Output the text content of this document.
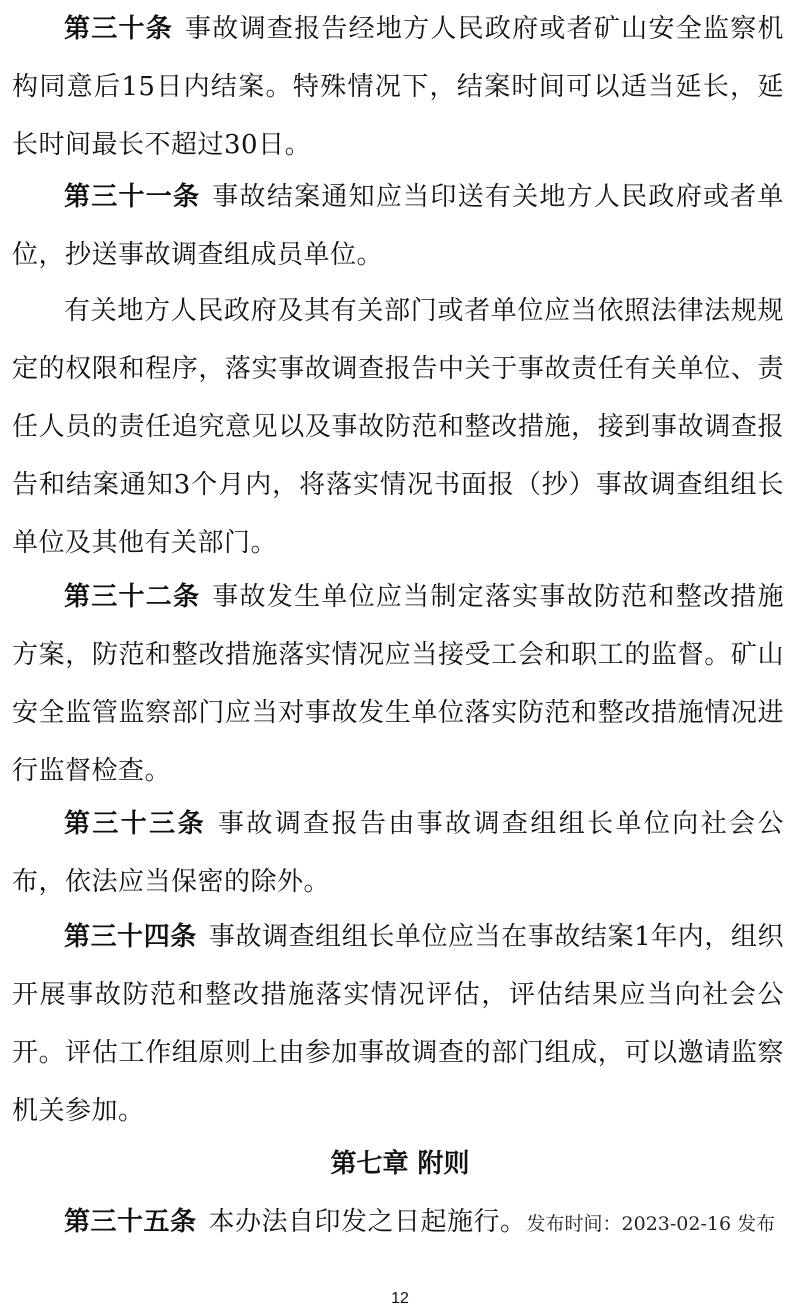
第三十条 事故调查报告经地方人民政府或者矿山安全监察机构同意后15日内结案。特殊情况下，结案时间可以适当延长，延长时间最长不超过30日。

第三十一条 事故结案通知应当印送有关地方人民政府或者单位，抄送事故调查组成员单位。

有关地方人民政府及其有关部门或者单位应当依照法律法规规定的权限和程序，落实事故调查报告中关于事故责任有关单位、责任人员的责任追究意见以及事故防范和整改措施，接到事故调查报告和结案通知3个月内，将落实情况书面报（抄）事故调查组组长单位及其他有关部门。

第三十二条 事故发生单位应当制定落实事故防范和整改措施方案，防范和整改措施落实情况应当接受工会和职工的监督。矿山安全监管监察部门应当对事故发生单位落实防范和整改措施情况进行监督检查。

第三十三条 事故调查报告由事故调查组组长单位向社会公布，依法应当保密的除外。

第三十四条 事故调查组组长单位应当在事故结案1年内，组织开展事故防范和整改措施落实情况评估，评估结果应当向社会公开。评估工作组原则上由参加事故调查的部门组成，可以邀请监察机关参加。

第七章 附则

第三十五条 本办法自印发之日起施行。发布时间：2023-02-16 发布

12
